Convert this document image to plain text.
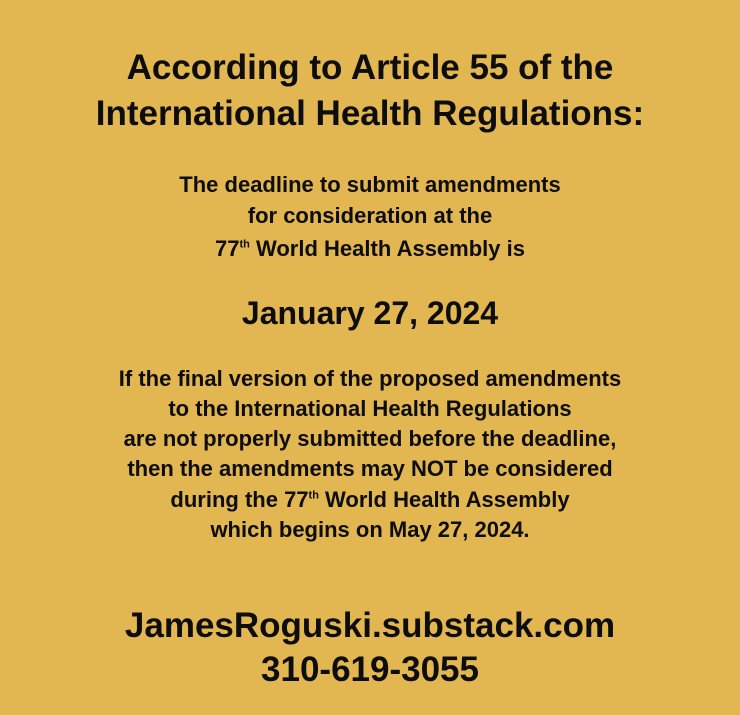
According to Article 55 of the
International Health Regulations:

The deadline to submit amendments

for consideration at the

77th World Health Assembly is

January 27, 2024

If the final version of the proposed amendments

to the International Health Regulations

are not properly submitted before the deadline,

then the amendments may NOT be considered

during the 77th World Health Assembly

which begins on May 27, 2024.

JamesRoguski.substack.com

310-619-3055
